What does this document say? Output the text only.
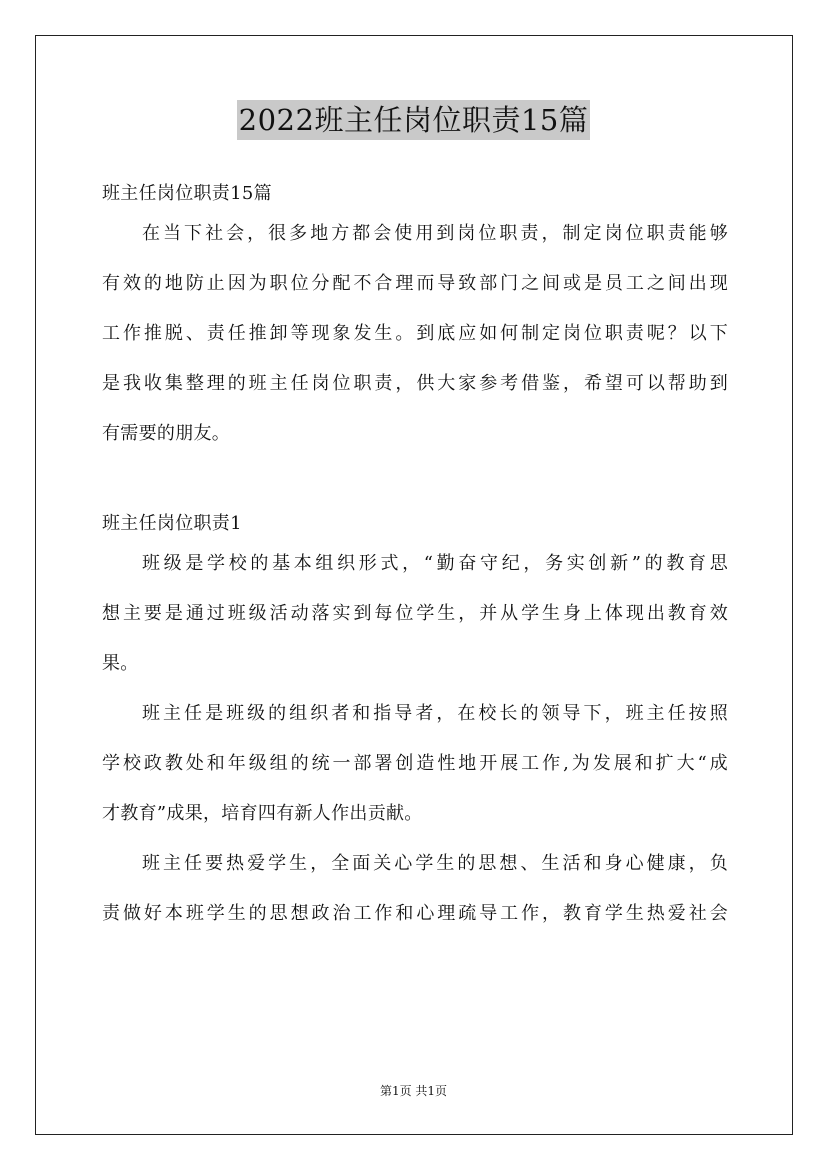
2022班主任岗位职责15篇
班主任岗位职责15篇
在当下社会，很多地方都会使用到岗位职责，制定岗位职责能够
有效的地防止因为职位分配不合理而导致部门之间或是员工之间出现
工作推脱、责任推卸等现象发生。到底应如何制定岗位职责呢？以下
是我收集整理的班主任岗位职责，供大家参考借鉴，希望可以帮助到
有需要的朋友。
班主任岗位职责1
班级是学校的基本组织形式，“勤奋守纪，务实创新”的教育思
想主要是通过班级活动落实到每位学生，并从学生身上体现出教育效
果。
班主任是班级的组织者和指导者，在校长的领导下，班主任按照
学校政教处和年级组的统一部署创造性地开展工作,为发展和扩大“成
才教育”成果，培育四有新人作出贡献。
班主任要热爱学生，全面关心学生的思想、生活和身心健康，负
责做好本班学生的思想政治工作和心理疏导工作，教育学生热爱社会
第1页 共1页
